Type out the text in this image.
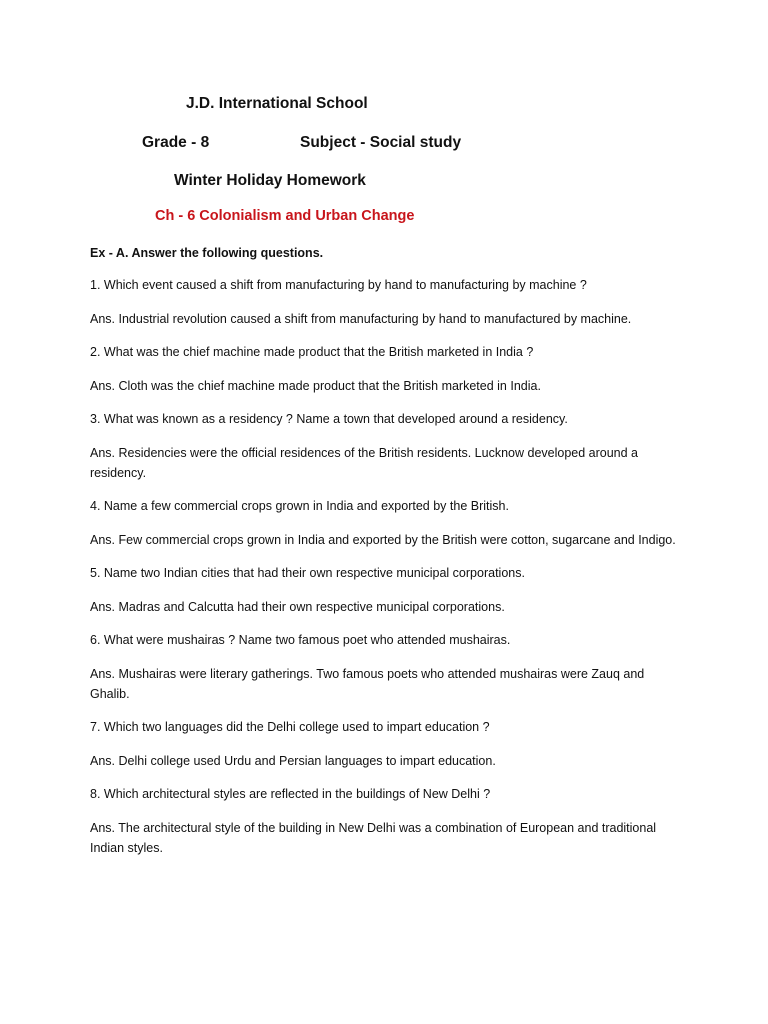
J.D. International School
Grade - 8	Subject - Social study
Winter Holiday Homework
Ch - 6 Colonialism and Urban Change

Ex - A. Answer the following questions.

1. Which event caused a shift from manufacturing by hand to manufacturing by machine ?

Ans. Industrial revolution caused a shift from manufacturing by hand to manufactured by machine.

2. What was the chief machine made product that the British marketed in India ?

Ans. Cloth was the chief machine made product that the British marketed in India.

3. What was known as a residency ? Name a town that developed around a residency.

Ans. Residencies were the official residences of the British residents. Lucknow developed around a residency.

4. Name a few commercial crops grown in India and exported by the British.

Ans. Few commercial crops grown in India and exported by the British were cotton, sugarcane and Indigo.

5. Name two Indian cities that had their own respective municipal corporations.

Ans. Madras and Calcutta had their own respective municipal corporations.

6. What were mushairas ? Name two famous poet who attended mushairas.

Ans. Mushairas were literary gatherings. Two famous poets who attended mushairas were Zauq and Ghalib.

7. Which two languages did the Delhi college used to impart education ?

Ans. Delhi college used Urdu and Persian languages to impart education.

8. Which architectural styles are reflected in the buildings of New Delhi ?

Ans. The architectural style of the building in New Delhi was a combination of European and traditional Indian styles.
